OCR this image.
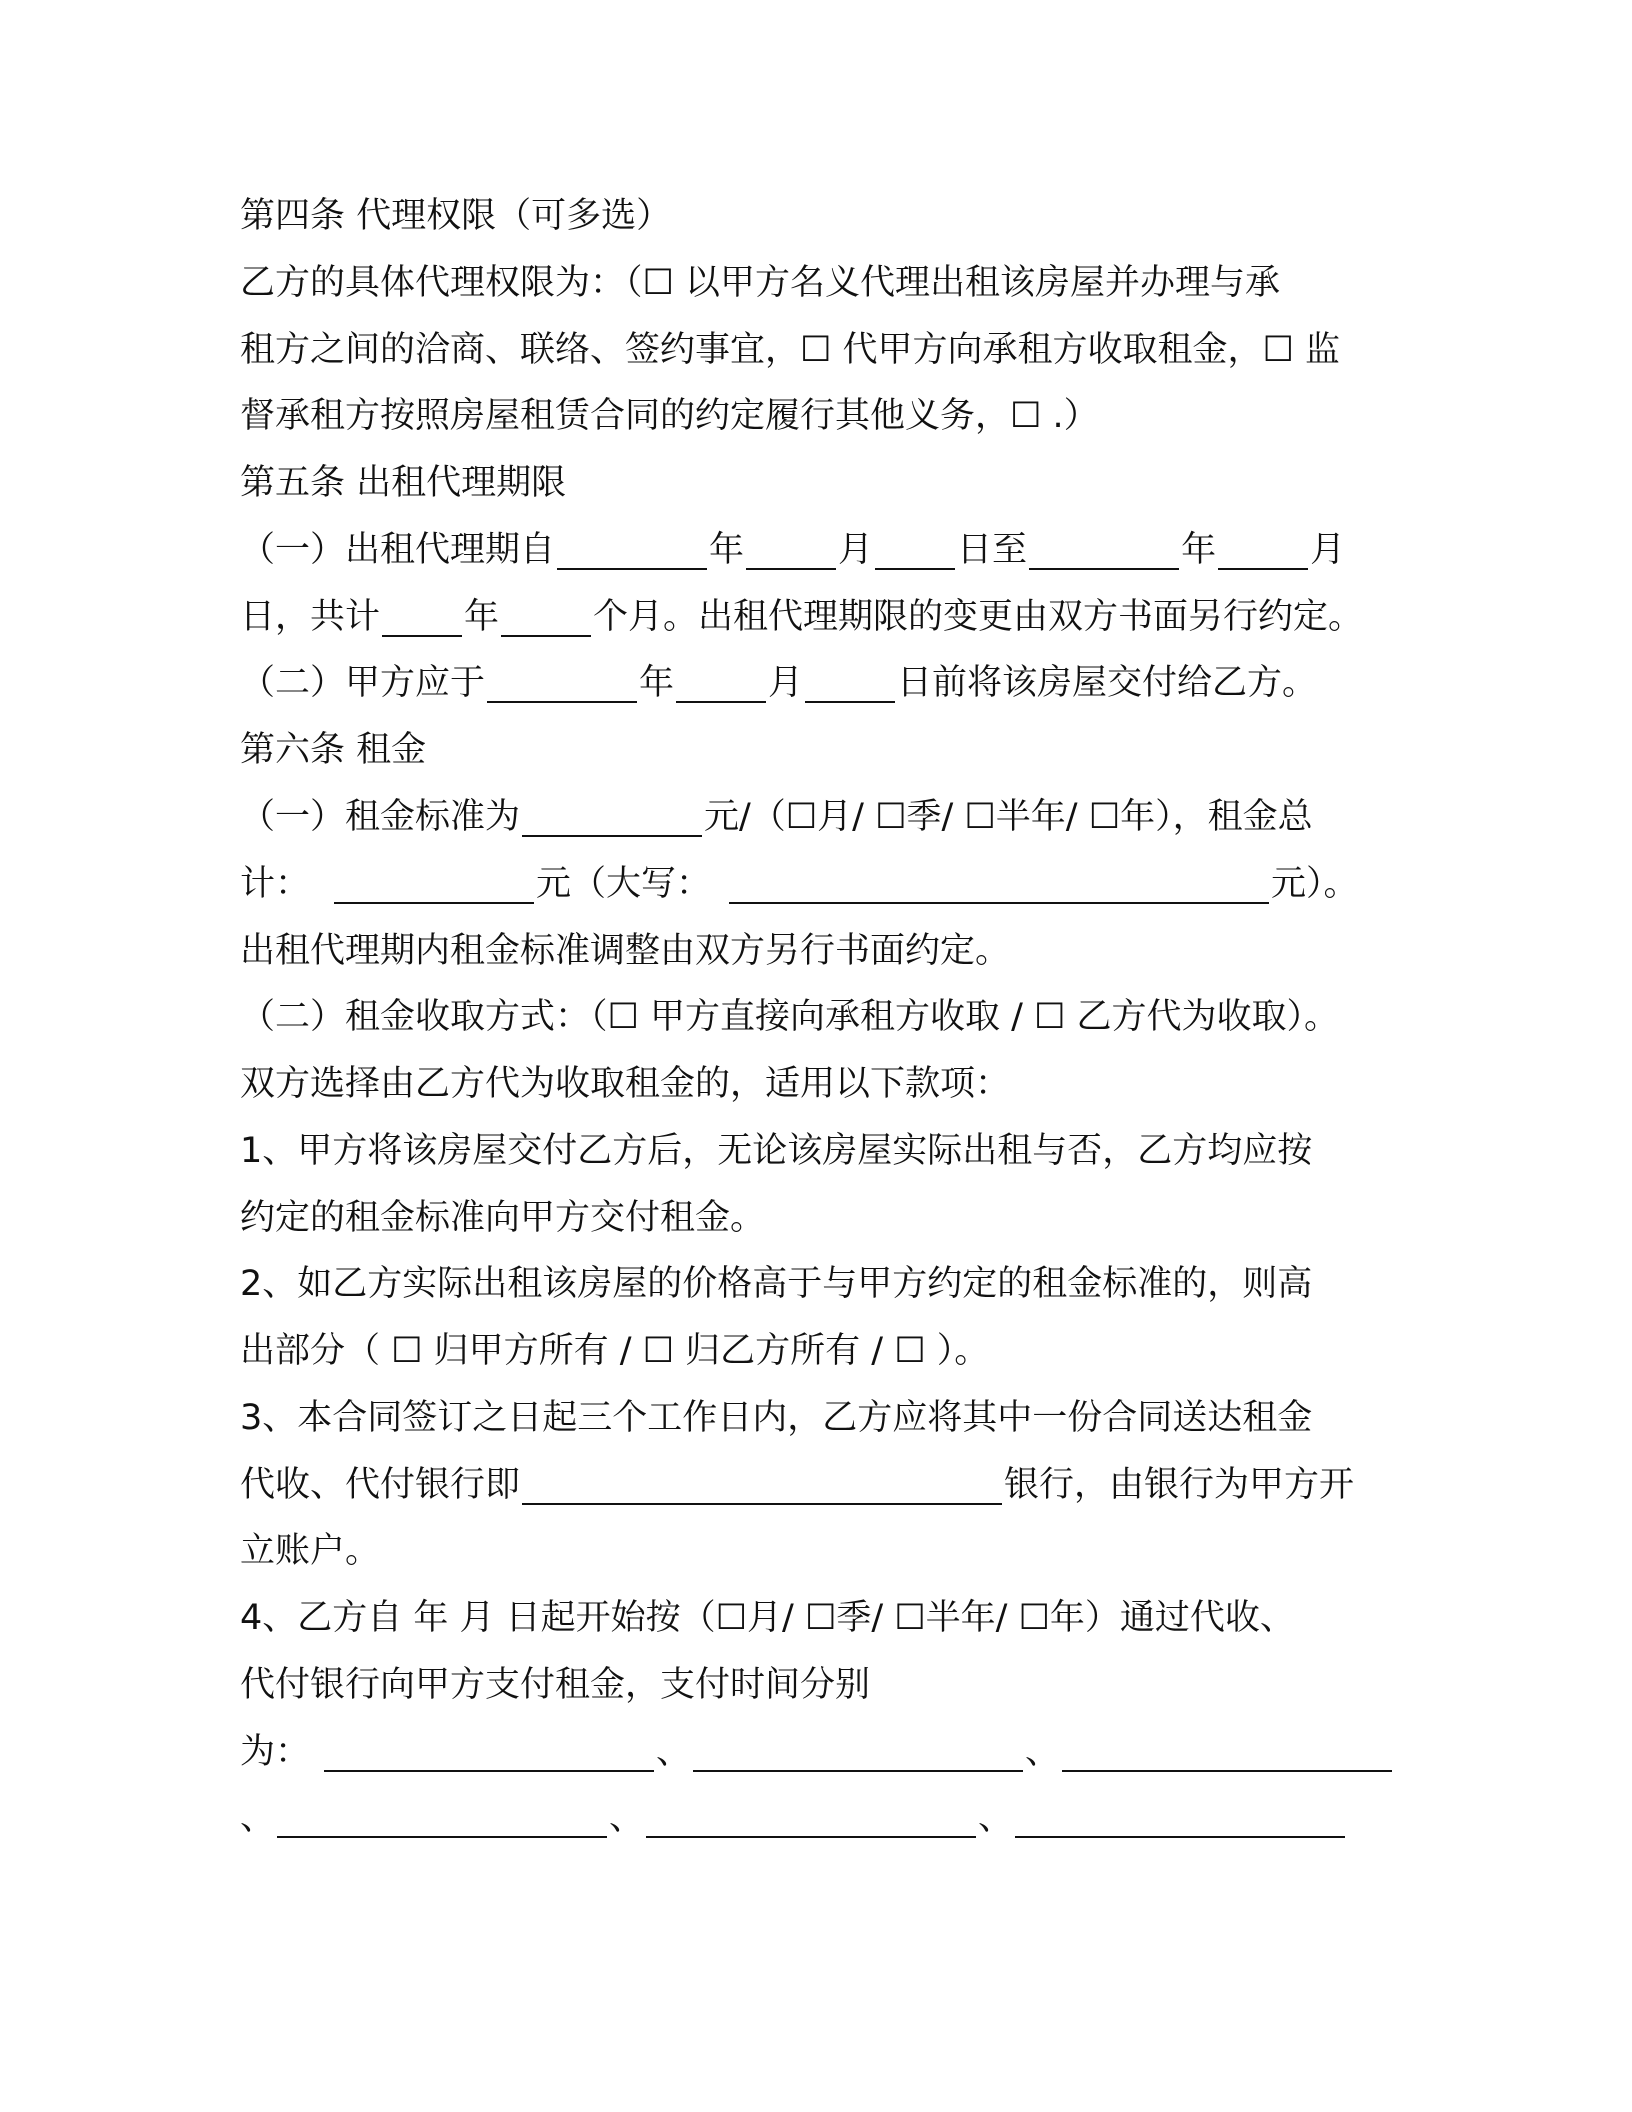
第四条 代理权限（可多选）
乙方的具体代理权限为：（☐ 以甲方名义代理出租该房屋并办理与承
租方之间的洽商、联络、签约事宜，☐ 代甲方向承租方收取租金，☐ 监
督承租方按照房屋租赁合同的约定履行其他义务，☐ .）
第五条 出租代理期限
（一）出租代理期自	年	月 日至	年	月
日，共计 年	个月。出租代理期限的变更由双方书面另行约定。
（二）甲方应于	年	月	日前将该房屋交付给乙方。
第六条 租金
（一）租金标准为	元/（☐月/ ☐季/ ☐半年/ ☐年），租金总
计：	元（大写：	元）。
出租代理期内租金标准调整由双方另行书面约定。
（二）租金收取方式：（☐ 甲方直接向承租方收取 / ☐ 乙方代为收取）。
双方选择由乙方代为收取租金的，适用以下款项：
1、甲方将该房屋交付乙方后，无论该房屋实际出租与否，乙方均应按
约定的租金标准向甲方交付租金。
2、如乙方实际出租该房屋的价格高于与甲方约定的租金标准的，则高
出部分（ ☐ 归甲方所有 / ☐ 归乙方所有 / ☐ ）。
3、本合同签订之日起三个工作日内，乙方应将其中一份合同送达租金
代收、代付银行即	银行，由银行为甲方开
立账户。
4、乙方自 年 月 日起开始按（☐月/ ☐季/ ☐半年/ ☐年）通过代收、
代付银行向甲方支付租金，支付时间分别
为：	、	、
、	、	、
